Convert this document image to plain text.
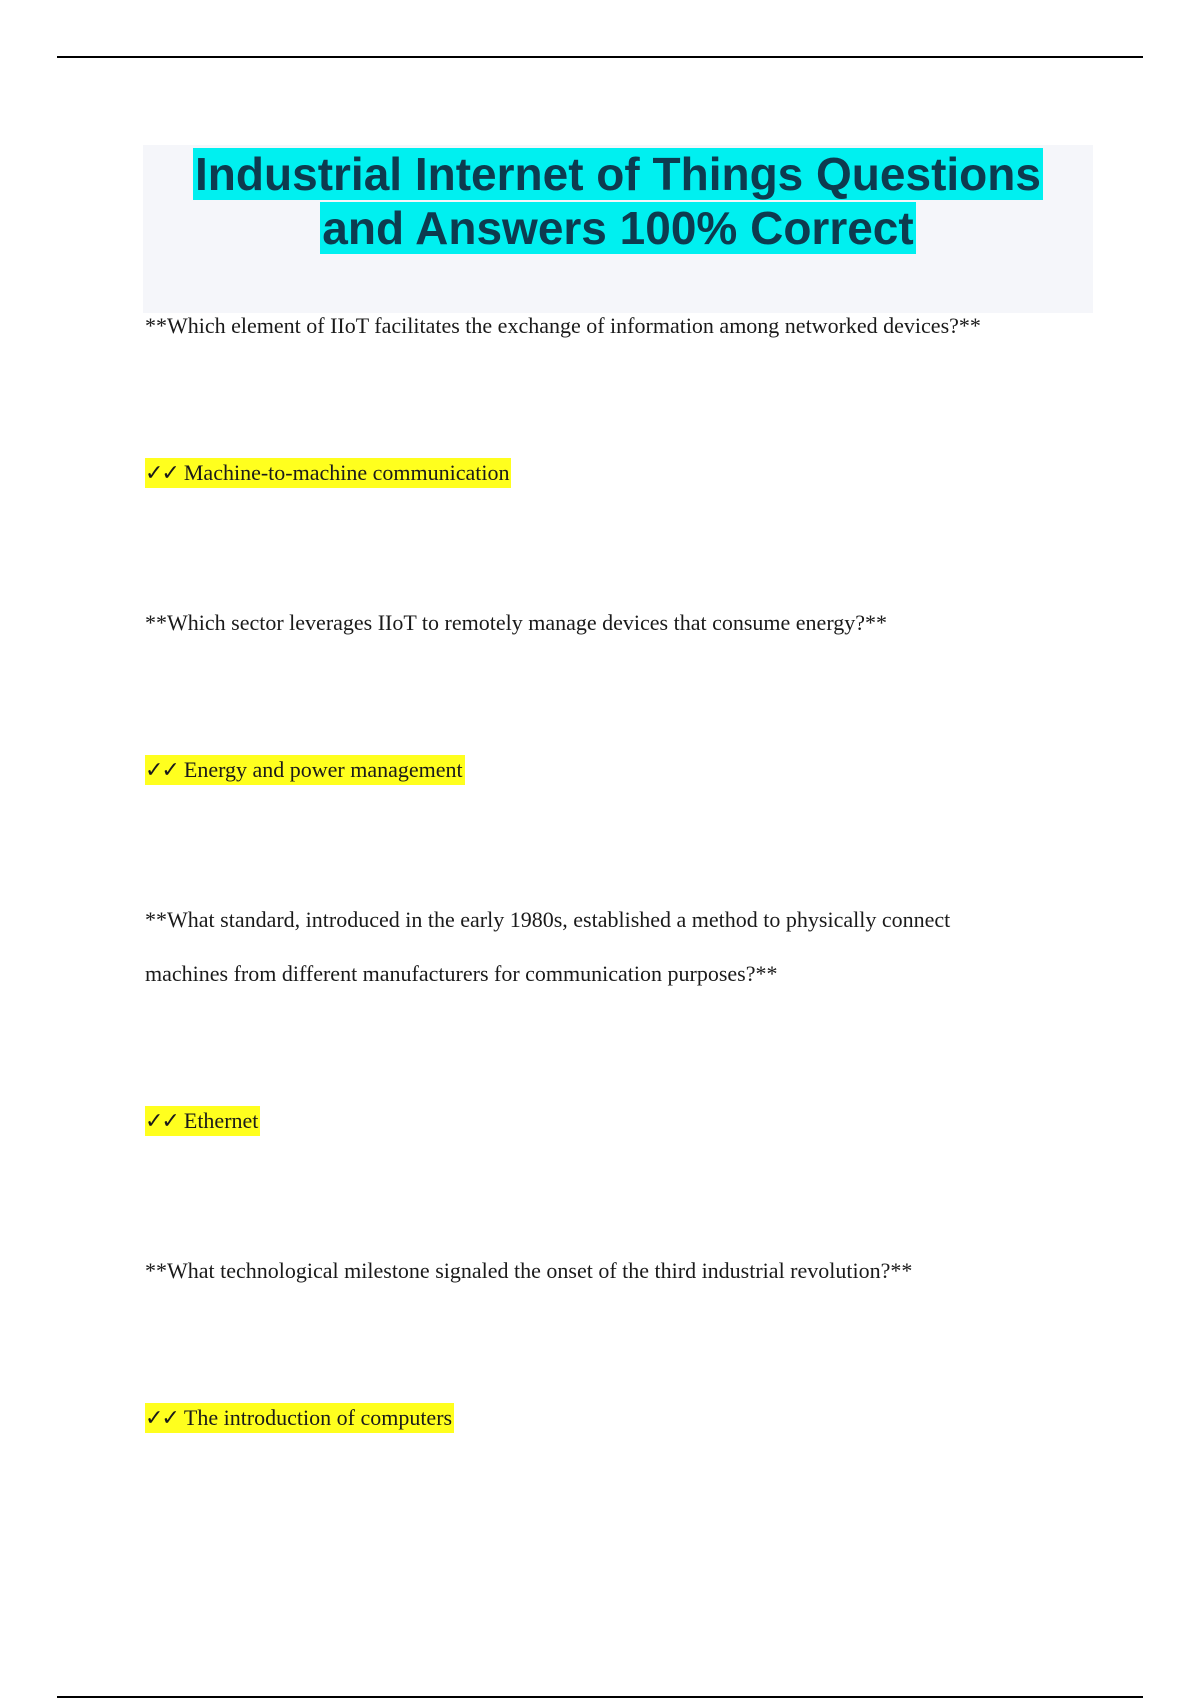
Industrial Internet of Things Questions
and Answers 100% Correct
**Which element of IIoT facilitates the exchange of information among networked devices?**
✓✓ Machine-to-machine communication
**Which sector leverages IIoT to remotely manage devices that consume energy?**
✓✓ Energy and power management
**What standard, introduced in the early 1980s, established a method to physically connect
machines from different manufacturers for communication purposes?**
✓✓ Ethernet
**What technological milestone signaled the onset of the third industrial revolution?**
✓✓ The introduction of computers
